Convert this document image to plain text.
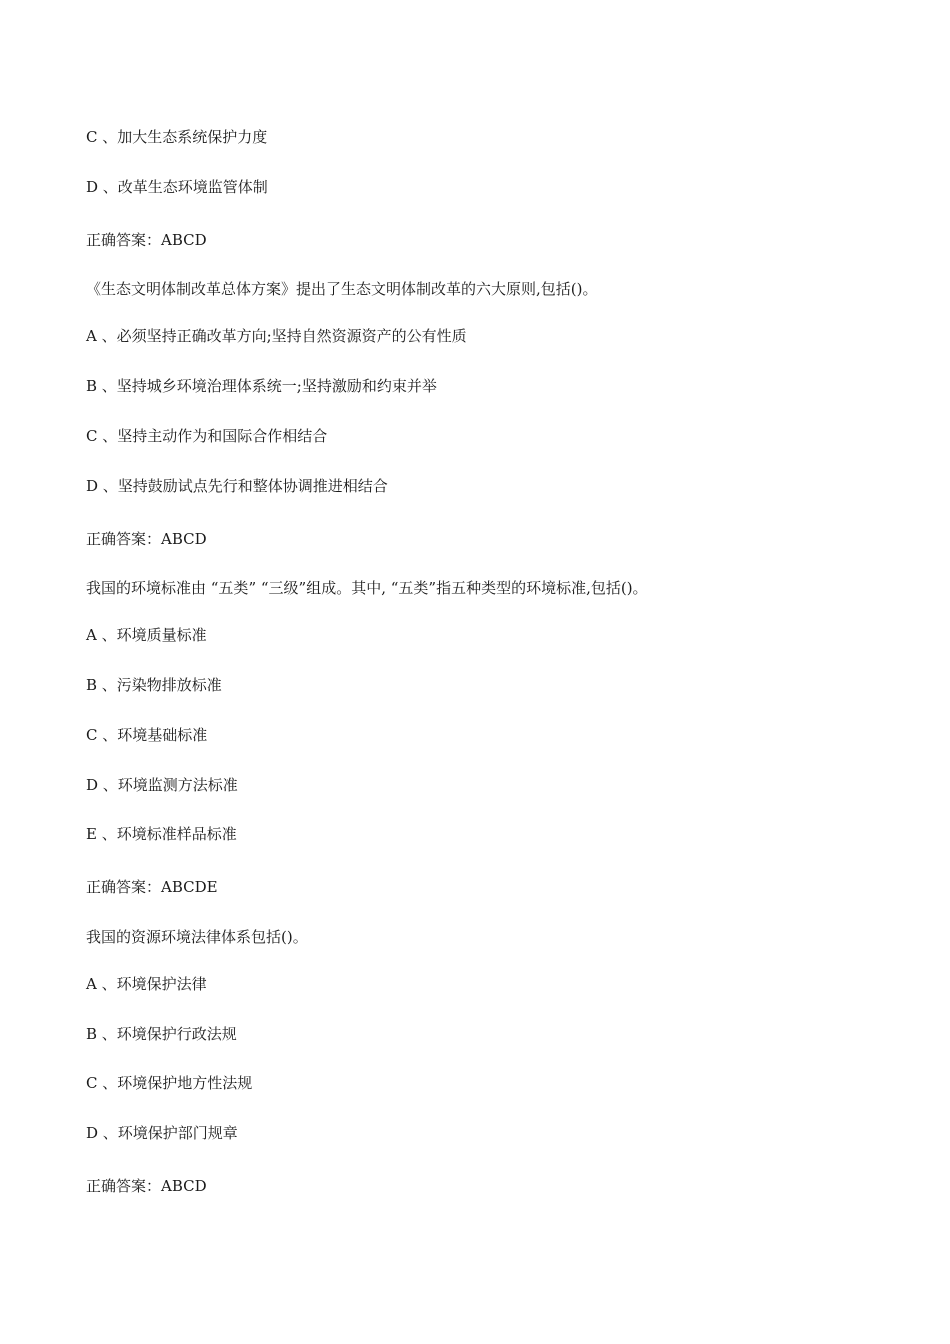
C 、加大生态系统保护力度
D 、改革生态环境监管体制
正确答案：ABCD
《生态文明体制改革总体方案》提出了生态文明体制改革的六大原则,包括()。
A 、必须坚持正确改革方向;坚持自然资源资产的公有性质
B 、坚持城乡环境治理体系统一;坚持激励和约束并举
C 、坚持主动作为和国际合作相结合
D 、坚持鼓励试点先行和整体协调推进相结合
正确答案：ABCD
我国的环境标准由 “五类” “三级”组成。其中, “五类”指五种类型的环境标准,包括()。
A 、环境质量标准
B 、污染物排放标准
C 、环境基础标准
D 、环境监测方法标准
E 、环境标准样品标准
正确答案：ABCDE
我国的资源环境法律体系包括()。
A 、环境保护法律
B 、环境保护行政法规
C 、环境保护地方性法规
D 、环境保护部门规章
正确答案：ABCD
